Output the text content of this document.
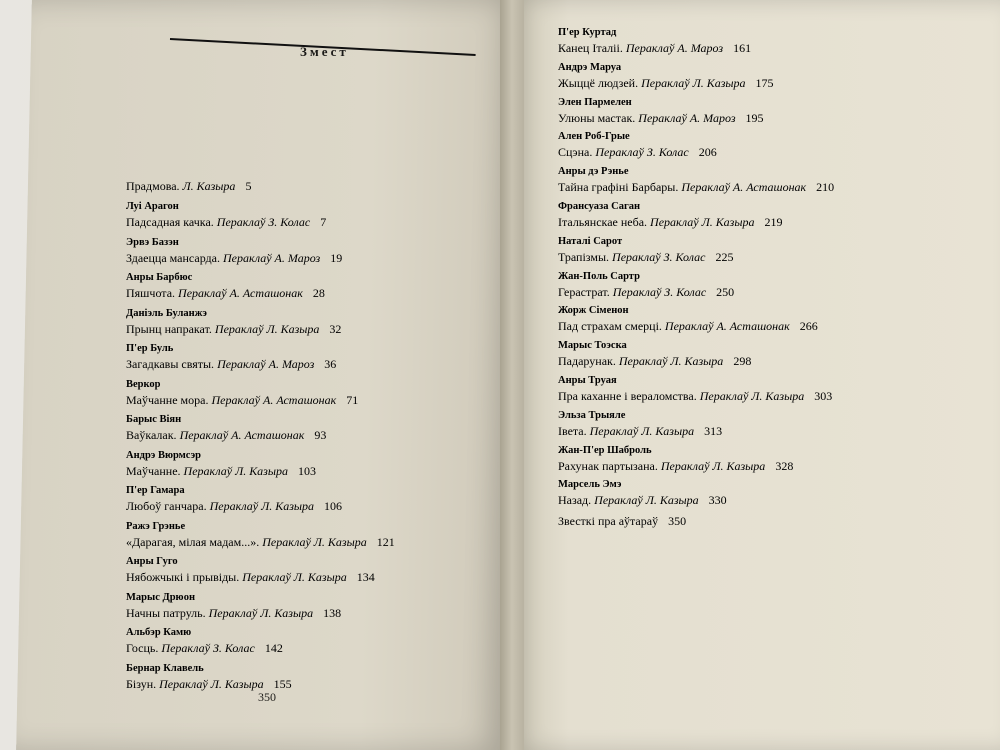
Змест
Прадмова. Л. Казыра 5
Луі Арагон
Падсадная качка. Пераклаў З. Колас 7
Эрвэ Базэн
Здаецца мансарда. Пераклаў А. Мароз 19
Анры Барбюс
Пяшчота. Пераклаў А. Асташонак 28
Даніэль Буланжэ
Прынц напракат. Пераклаў Л. Казыра 32
П'ер Буль
Загадкавы святы. Пераклаў А. Мароз 36
Веркор
Маўчанне мора. Пераклаў А. Асташонак 71
Барыс Віян
Ваўкалак. Пераклаў А. Асташонак 93
Андрэ Вюрмсэр
Маўчанне. Пераклаў Л. Казыра 103
П'ер Гамара
Любоў ганчара. Пераклаў Л. Казыра 106
Ражэ Грэнье
«Дарагая, мілая мадам...». Пераклаў Л. Казыра 121
Анры Гуго
Нябожчыкі і прывіды. Пераклаў Л. Казыра 134
Марыс Дрюон
Начны патруль. Пераклаў Л. Казыра 138
Альбэр Камю
Госць. Пераклаў З. Колас 142
Бернар Клавель
Бізун. Пераклаў Л. Казыра 155
П'ер Куртад
Канец Італіі. Пераклаў А. Мароз 161
Андрэ Маруа
Жыццё людзей. Пераклаў Л. Казыра 175
Элен Пармелен
Улюны мастак. Пераклаў А. Мароз 195
Ален Роб-Грые
Сцэна. Пераклаў З. Колас 206
Анры дэ Рэнье
Тайна графіні Барбары. Пераклаў А. Асташонак 210
Франсуаза Саган
Італьянскае неба. Пераклаў Л. Казыра 219
Наталі Сарот
Трапізмы. Пераклаў З. Колас 225
Жан-Поль Сартр
Герастрат. Пераклаў З. Колас 250
Жорж Сіменон
Пад страхам смерці. Пераклаў А. Асташонак 266
Марыс Тоэска
Падарунак. Пераклаў Л. Казыра 298
Анры Труая
Пра каханне і вераломства. Пераклаў Л. Казыра 303
Эльза Трыяле
Івета. Пераклаў Л. Казыра 313
Жан-П'ер Шаброль
Рахунак партызана. Пераклаў Л. Казыра 328
Марсель Эмэ
Назад. Пераклаў Л. Казыра 330
Звесткі пра аўтараў 350
350
